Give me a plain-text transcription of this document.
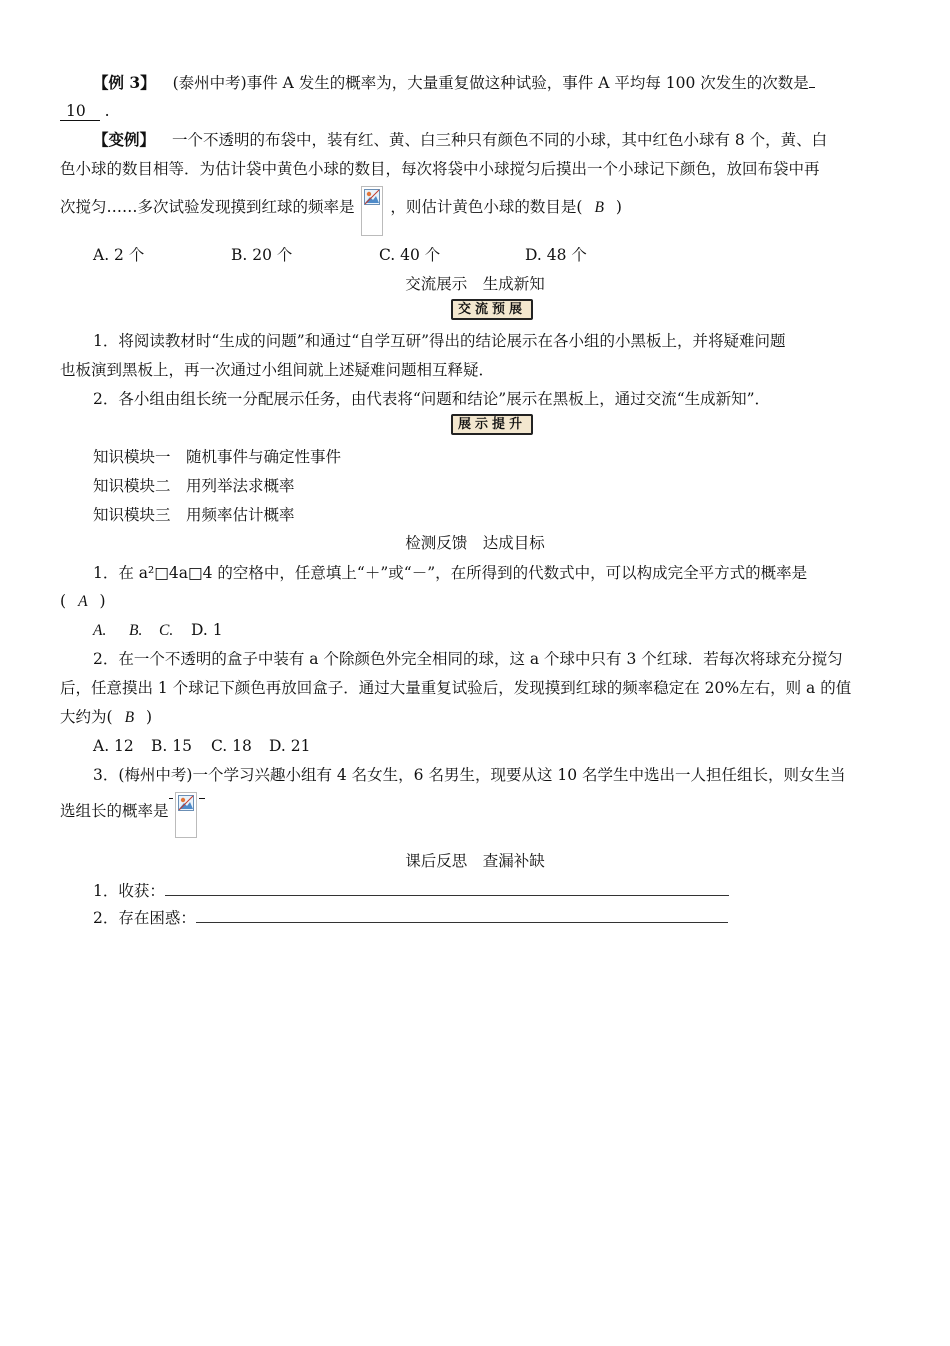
【例 3】 (泰州中考)事件 A 发生的概率为，大量重复做这种试验，事件 A 平均每 100 次发生的次数是
10 .
【变例】 一个不透明的布袋中，装有红、黄、白三种只有颜色不同的小球，其中红色小球有 8 个，黄、白
色小球的数目相等．为估计袋中黄色小球的数目，每次将袋中小球搅匀后摸出一个小球记下颜色，放回布袋中再
次搅匀……多次试验发现摸到红球的频率是 ，则估计黄色小球的数目是( B )
A. 2 个	B. 20 个	C. 40 个	D. 48 个
交流展示　生成新知
交流预展
1．将阅读教材时“生成的问题”和通过“自学互研”得出的结论展示在各小组的小黑板上，并将疑难问题
也板演到黑板上，再一次通过小组间就上述疑难问题相互释疑．
2．各小组由组长统一分配展示任务，由代表将“问题和结论”展示在黑板上，通过交流“生成新知”．
展示提升
知识模块一　随机事件与确定性事件
知识模块二　用列举法求概率
知识模块三　用频率估计概率
检测反馈　达成目标
1．在 a²□4a□4 的空格中，任意填上“＋”或“－”，在所得到的代数式中，可以构成完全平方式的概率是
( A )
A. B. C. D. 1
2．在一个不透明的盒子中装有 a 个除颜色外完全相同的球，这 a 个球中只有 3 个红球．若每次将球充分搅匀
后，任意摸出 1 个球记下颜色再放回盒子．通过大量重复试验后，发现摸到红球的频率稳定在 20%左右，则 a 的值
大约为( B )
A. 12 B. 15 C. 18 D. 21
3．(梅州中考)一个学习兴趣小组有 4 名女生，6 名男生，现要从这 10 名学生中选出一人担任组长，则女生当
选组长的概率是
课后反思　查漏补缺
1．收获：
2．存在困惑：
